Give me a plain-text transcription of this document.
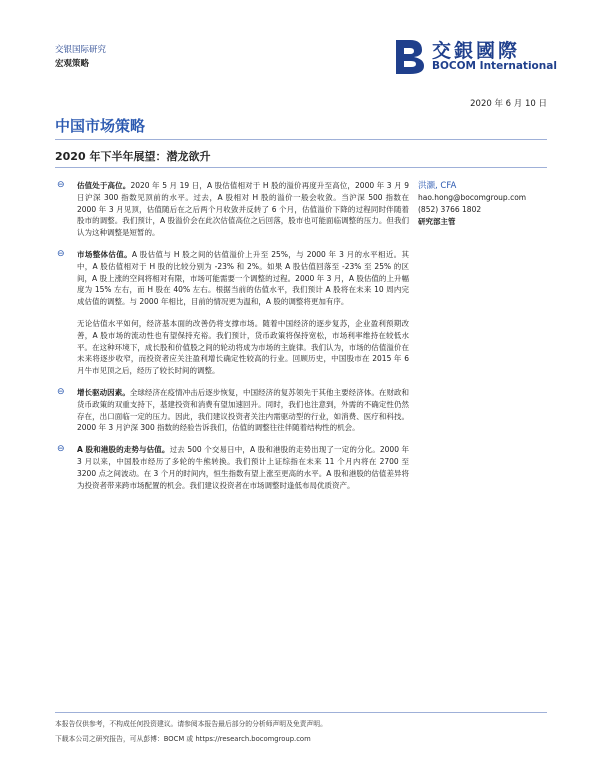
交银国际研究
宏观策略
交銀國際
BOCOM International
2020 年 6 月 10 日
中国市场策略
2020 年下半年展望：潜龙欲升
洪灏, CFA
hao.hong@bocomgroup.com
(852) 3766 1802
研究部主管
⊖ 估值处于高位。2020 年 5 月 19 日，A 股估值相对于 H 股的溢价再度升至高位，2000 年 3 月 9 日沪深 300 指数见顶前的水平。过去，A 股相对 H 股的溢价一般会收敛。当沪深 500 指数在 2000 年 3 月见顶，估值随后在之后两个月收敛并反转了 6 个月，估值溢价下降的过程同时伴随着股市的调整。我们预计，A 股溢价会在此次估值高位之后回落，股市也可能面临调整的压力。但我们认为这种调整是短暂的。
⊖ 市场整体估值。A 股估值与 H 股之间的估值溢价上升至 25%，与 2000 年 3 月的水平相近。其中，A 股估值相对于 H 股的比较分别为 -23% 和 2%。如果 A 股估值回落至 -23% 至 25% 的区间，A 股上涨的空间将相对有限，市场可能需要一个调整的过程。2000 年 3 月，A 股估值的上升幅度为 15% 左右，而 H 股在 40% 左右。根据当前的估值水平，我们预计 A 股将在未来 10 周内完成估值的调整。与 2000 年相比，目前的情况更为温和，A 股的调整将更加有序。
无论估值水平如何，经济基本面的改善仍将支撑市场。随着中国经济的逐步复苏，企业盈利预期改善，A 股市场的流动性也有望保持充裕。我们预计，货币政策将保持宽松，市场利率维持在较低水平。在这种环境下，成长股和价值股之间的轮动将成为市场的主旋律。我们认为，市场的估值溢价在未来将逐步收窄，而投资者应关注盈利增长确定性较高的行业。回顾历史，中国股市在 2015 年 6 月牛市见顶之后，经历了较长时间的调整。
⊖ 增长驱动因素。全球经济在疫情冲击后逐步恢复，中国经济的复苏领先于其他主要经济体。在财政和货币政策的双重支持下，基建投资和消费有望加速回升。同时，我们也注意到，外需的不确定性仍然存在，出口面临一定的压力。因此，我们建议投资者关注内需驱动型的行业，如消费、医疗和科技。2000 年 3 月沪深 300 指数的经验告诉我们，估值的调整往往伴随着结构性的机会。
⊖ A 股和港股的走势与估值。过去 500 个交易日中，A 股和港股的走势出现了一定的分化。2000 年 3 月以来，中国股市经历了多轮的牛熊转换。我们预计上证综指在未来 11 个月内将在 2700 至 3200 点之间波动。在 3 个月的时间内，恒生指数有望上涨至更高的水平。A 股和港股的估值差异将为投资者带来跨市场配置的机会。我们建议投资者在市场调整时逢低布局优质资产。
本报告仅供参考，不构成任何投资建议。请参阅本报告最后部分的分析师声明及免责声明。
下载本公司之研究报告，可从彭博：BOCM 或 https://research.bocomgroup.com
